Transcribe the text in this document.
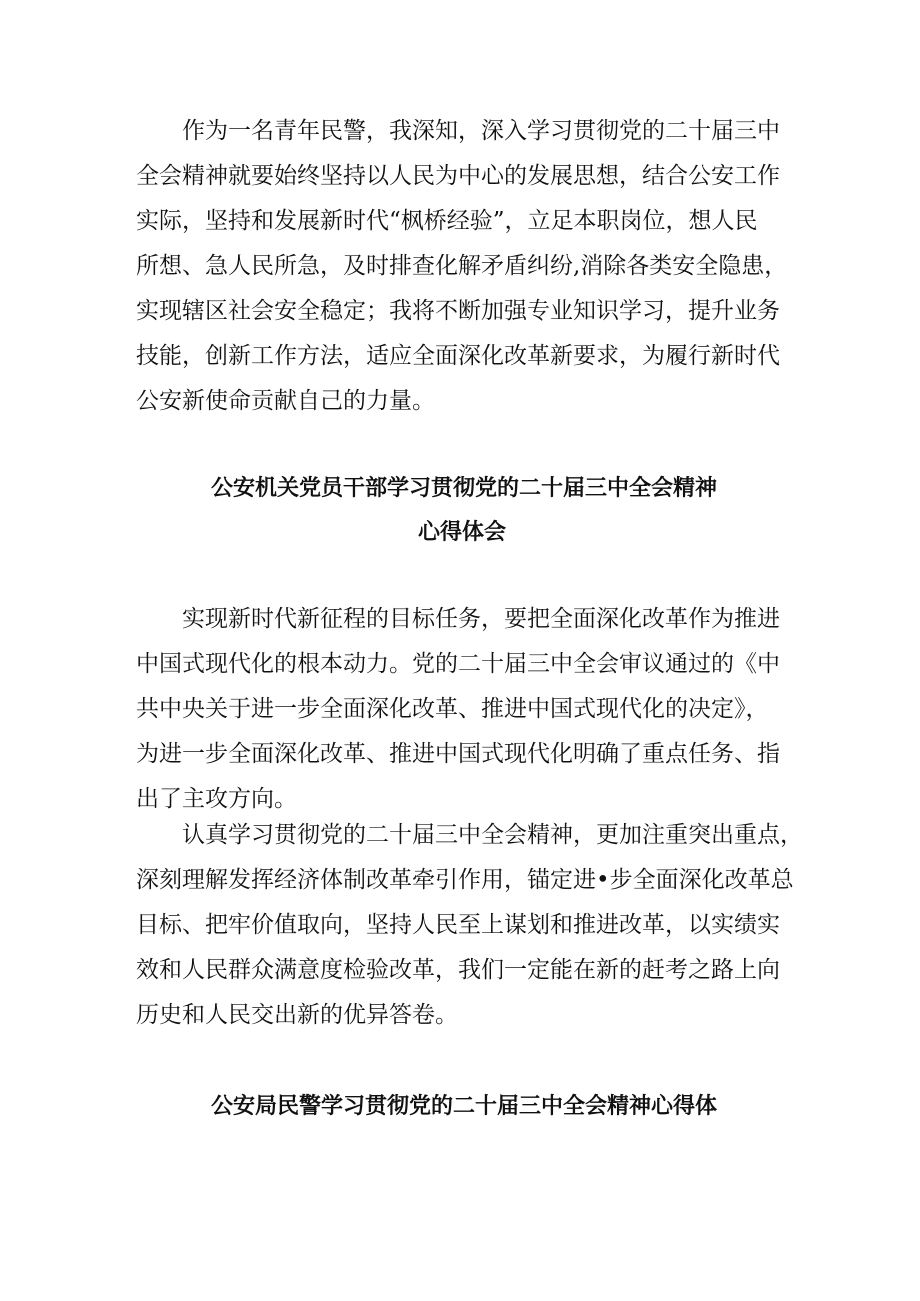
作为一名青年民警，我深知，深入学习贯彻党的二十届三中
全会精神就要始终坚持以人民为中心的发展思想，结合公安工作
实际，坚持和发展新时代“枫桥经验”，立足本职岗位，想人民
所想、急人民所急，及时排查化解矛盾纠纷,消除各类安全隐患，
实现辖区社会安全稳定；我将不断加强专业知识学习，提升业务
技能，创新工作方法，适应全面深化改革新要求，为履行新时代
公安新使命贡献自己的力量。
公安机关党员干部学习贯彻党的二十届三中全会精神
心得体会
实现新时代新征程的目标任务，要把全面深化改革作为推进
中国式现代化的根本动力。党的二十届三中全会审议通过的《中
共中央关于进一步全面深化改革、推进中国式现代化的决定》，
为进一步全面深化改革、推进中国式现代化明确了重点任务、指
出了主攻方向。
认真学习贯彻党的二十届三中全会精神，更加注重突出重点，
深刻理解发挥经济体制改革牵引作用，锚定进•步全面深化改革总
目标、把牢价值取向，坚持人民至上谋划和推进改革，以实绩实
效和人民群众满意度检验改革，我们一定能在新的赶考之路上向
历史和人民交出新的优异答卷。
公安局民警学习贯彻党的二十届三中全会精神心得体
